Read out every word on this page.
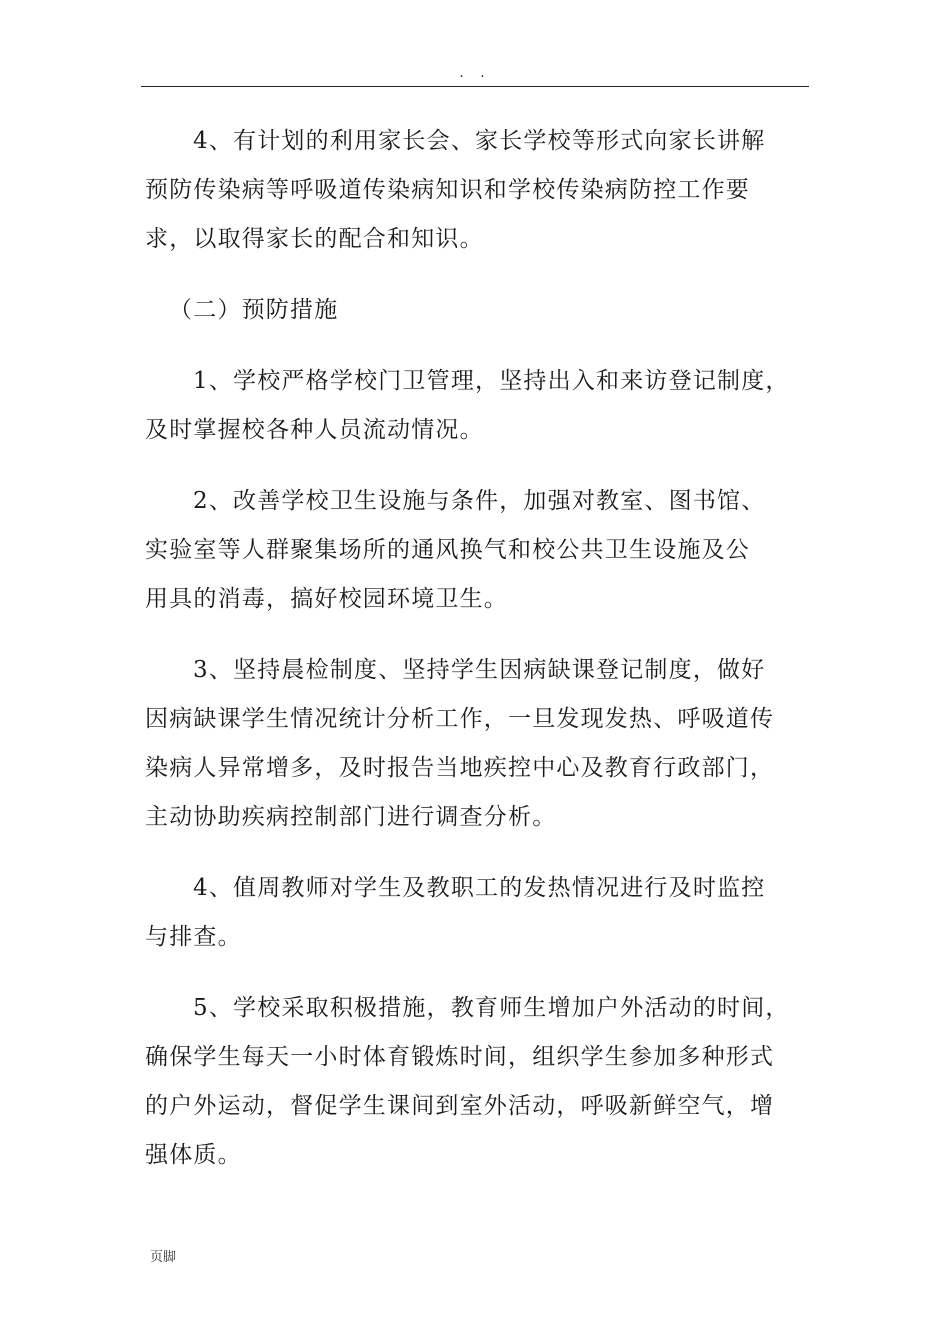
. .

4、有计划的利用家长会、家长学校等形式向家长讲解
预防传染病等呼吸道传染病知识和学校传染病防控工作要
求，以取得家长的配合和知识。

（二）预防措施

1、学校严格学校门卫管理，坚持出入和来访登记制度，
及时掌握校各种人员流动情况。

2、改善学校卫生设施与条件，加强对教室、图书馆、
实验室等人群聚集场所的通风换气和校公共卫生设施及公
用具的消毒，搞好校园环境卫生。

3、坚持晨检制度、坚持学生因病缺课登记制度，做好
因病缺课学生情况统计分析工作，一旦发现发热、呼吸道传
染病人异常增多，及时报告当地疾控中心及教育行政部门，
主动协助疾病控制部门进行调查分析。

4、值周教师对学生及教职工的发热情况进行及时监控
与排查。

5、学校采取积极措施，教育师生增加户外活动的时间，
确保学生每天一小时体育锻炼时间，组织学生参加多种形式
的户外运动，督促学生课间到室外活动，呼吸新鲜空气，增
强体质。

页脚
